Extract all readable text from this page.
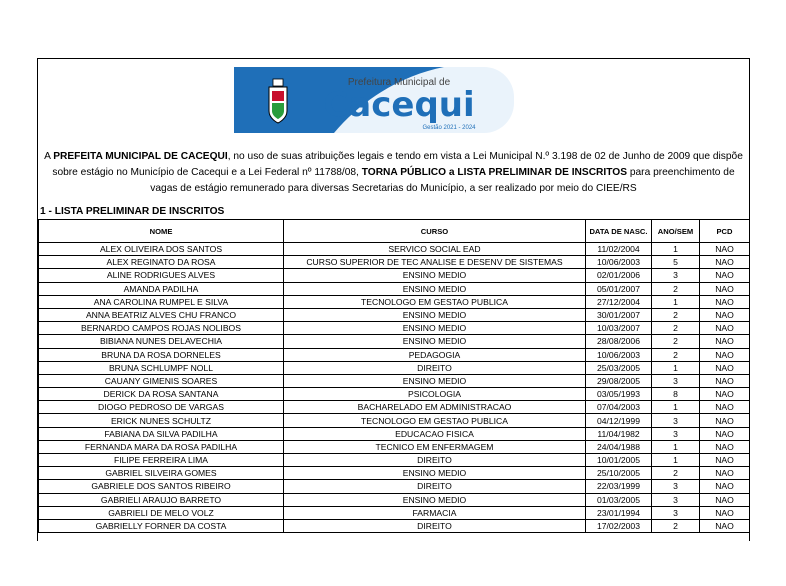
Prefeitura Municipal de
Cacequi
Gestão 2021 - 2024
A PREFEITA MUNICIPAL DE CACEQUI, no uso de suas atribuições legais e tendo em vista a Lei Municipal N.º 3.198 de 02 de Junho de 2009 que dispõe sobre estágio no Município de Cacequi e a Lei Federal nº 11788/08, TORNA PÚBLICO a LISTA PRELIMINAR DE INSCRITOS para preenchimento de vagas de estágio remunerado para diversas Secretarias do Município, a ser realizado por meio do CIEE/RS
1 - LISTA PRELIMINAR DE INSCRITOS
NOME	CURSO	DATA DE NASC.	ANO/SEM	PCD
ALEX OLIVEIRA DOS SANTOS	SERVICO SOCIAL EAD	11/02/2004	1	NAO
ALEX REGINATO DA ROSA	CURSO SUPERIOR DE TEC ANALISE E DESENV DE SISTEMAS	10/06/2003	5	NAO
ALINE RODRIGUES ALVES	ENSINO MEDIO	02/01/2006	3	NAO
AMANDA PADILHA	ENSINO MEDIO	05/01/2007	2	NAO
ANA CAROLINA RUMPEL E SILVA	TECNOLOGO EM GESTAO PUBLICA	27/12/2004	1	NAO
ANNA BEATRIZ ALVES CHU FRANCO	ENSINO MEDIO	30/01/2007	2	NAO
BERNARDO CAMPOS ROJAS NOLIBOS	ENSINO MEDIO	10/03/2007	2	NAO
BIBIANA NUNES DELAVECHIA	ENSINO MEDIO	28/08/2006	2	NAO
BRUNA DA ROSA DORNELES	PEDAGOGIA	10/06/2003	2	NAO
BRUNA SCHLUMPF NOLL	DIREITO	25/03/2005	1	NAO
CAUANY GIMENIS SOARES	ENSINO MEDIO	29/08/2005	3	NAO
DERICK DA ROSA SANTANA	PSICOLOGIA	03/05/1993	8	NAO
DIOGO PEDROSO DE VARGAS	BACHARELADO EM ADMINISTRACAO	07/04/2003	1	NAO
ERICK NUNES SCHULTZ	TECNOLOGO EM GESTAO PUBLICA	04/12/1999	3	NAO
FABIANA DA SILVA PADILHA	EDUCACAO FISICA	11/04/1982	3	NAO
FERNANDA MARA DA ROSA PADILHA	TECNICO EM ENFERMAGEM	24/04/1988	1	NAO
FILIPE FERREIRA LIMA	DIREITO	10/01/2005	1	NAO
GABRIEL SILVEIRA GOMES	ENSINO MEDIO	25/10/2005	2	NAO
GABRIELE DOS SANTOS RIBEIRO	DIREITO	22/03/1999	3	NAO
GABRIELI ARAUJO BARRETO	ENSINO MEDIO	01/03/2005	3	NAO
GABRIELI DE MELO VOLZ	FARMACIA	23/01/1994	3	NAO
GABRIELLY FORNER DA COSTA	DIREITO	17/02/2003	2	NAO
